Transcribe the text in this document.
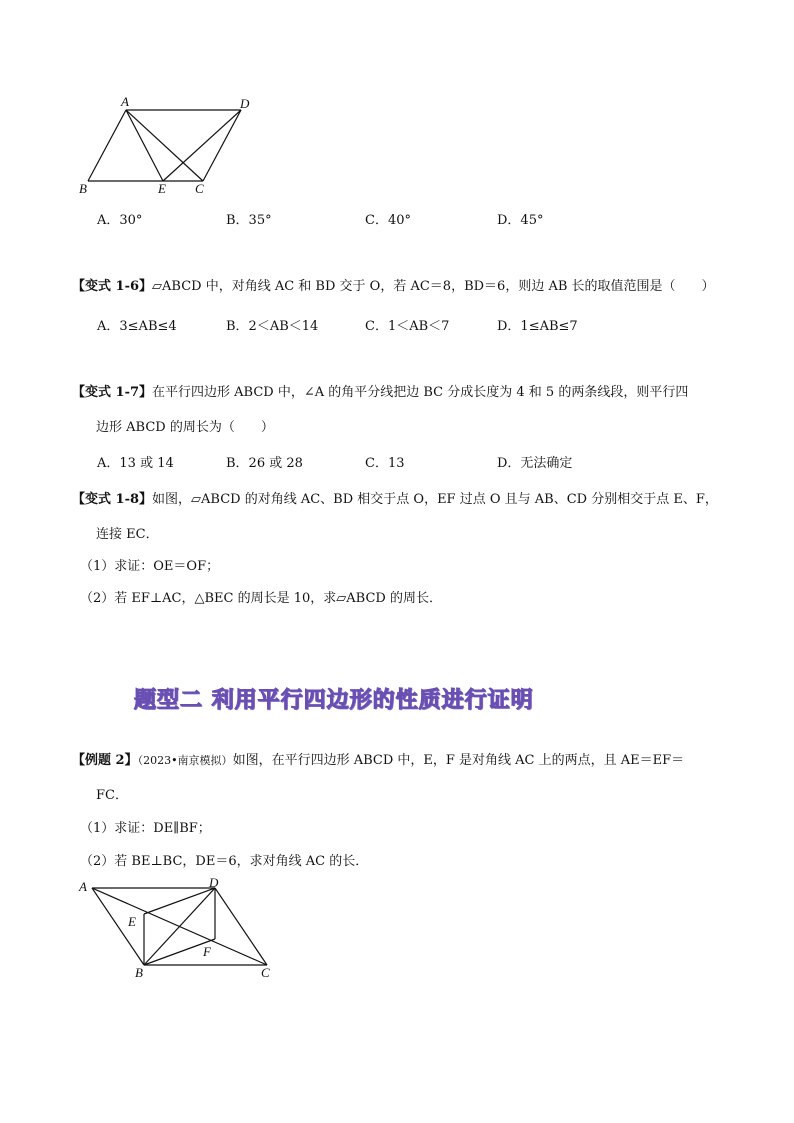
A	D
B	E C
A．30°	B．35°	C．40°	D．45°
【变式 1-6】▱ABCD 中，对角线 AC 和 BD 交于 O，若 AC＝8，BD＝6，则边 AB 长的取值范围是（　　）
A．3≤AB≤4	B．2＜AB＜14	C．1＜AB＜7	D．1≤AB≤7
【变式 1-7】在平行四边形 ABCD 中，∠A 的角平分线把边 BC 分成长度为 4 和 5 的两条线段，则平行四
边形 ABCD 的周长为（　　）
A．13 或 14	B．26 或 28	C．13	D．无法确定
【变式 1-8】如图，▱ABCD 的对角线 AC、BD 相交于点 O，EF 过点 O 且与 AB、CD 分别相交于点 E、F，
连接 EC．
（1）求证：OE＝OF；
（2）若 EF⊥AC，△BEC 的周长是 10，求▱ABCD 的周长．
题型二 利用平行四边形的性质进行证明
【例题 2】（2023•南京模拟）如图，在平行四边形 ABCD 中，E，F 是对角线 AC 上的两点，且 AE＝EF＝
FC．
（1）求证：DE∥BF；
（2）若 BE⊥BC，DE＝6，求对角线 AC 的长．
A	D
E
F
B	C
